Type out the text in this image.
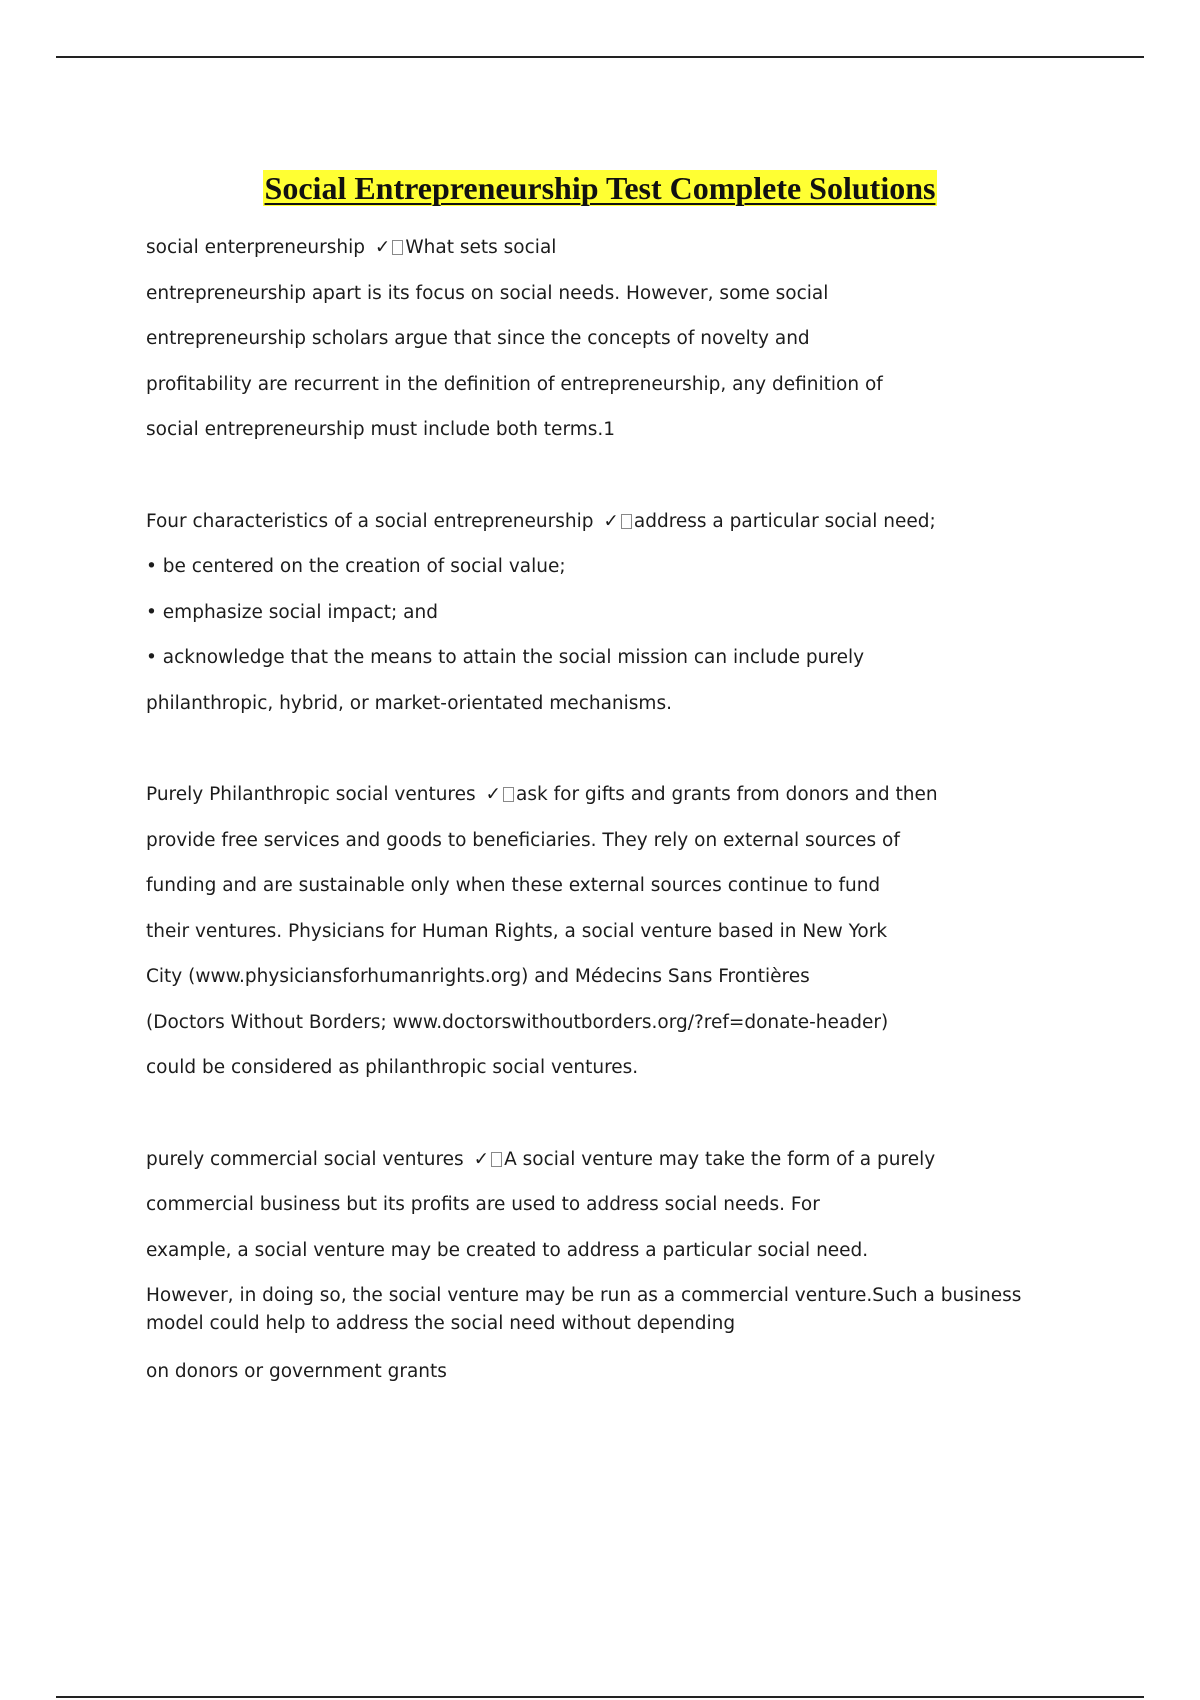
Social Entrepreneurship Test Complete Solutions
social enterpreneurship ✓ What sets social
entrepreneurship apart is its focus on social needs. However, some social
entrepreneurship scholars argue that since the concepts of novelty and
profitability are recurrent in the definition of entrepreneurship, any definition of
social entrepreneurship must include both terms.1
Four characteristics of a social entrepreneurship ✓ address a particular social need;
• be centered on the creation of social value;
• emphasize social impact; and
• acknowledge that the means to attain the social mission can include purely
philanthropic, hybrid, or market-orientated mechanisms.
Purely Philanthropic social ventures ✓ ask for gifts and grants from donors and then
provide free services and goods to beneficiaries. They rely on external sources of
funding and are sustainable only when these external sources continue to fund
their ventures. Physicians for Human Rights, a social venture based in New York
City (www.physiciansforhumanrights.org) and Médecins Sans Frontières
(Doctors Without Borders; www.doctorswithoutborders.org/?ref=donate-header)
could be considered as philanthropic social ventures.
purely commercial social ventures ✓ A social venture may take the form of a purely
commercial business but its profits are used to address social needs. For
example, a social venture may be created to address a particular social need.
However, in doing so, the social venture may be run as a commercial venture.Such a business model could help to address the social need without depending
on donors or government grants
